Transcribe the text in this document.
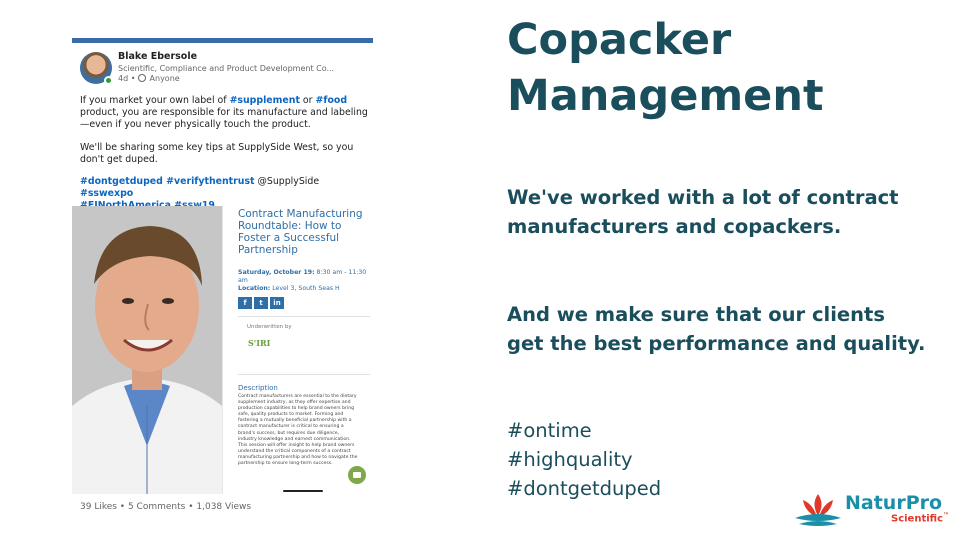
Blake Ebersole
Scientific, Compliance and Product Development Co...
4d •  Anyone

If you market your own label of #supplement or #food product, you are responsible for its manufacture and labeling—even if you never physically touch the product.

We'll be sharing some key tips at SupplySide West, so you don't get duped.

#dontgetduped #verifythentrust @SupplySide #sswexpo

Contract Manufacturing Roundtable: How to Foster a Successful Partnership
Saturday, October 19: 8:30 am - 11:30 am
Location: Level 3, South Seas H
f	t	in
Underwritten by
S'IRI
Description
Contract manufacturers are essential to the dietary supplement industry, as they offer expertise and production capabilities to help brand owners bring safe, quality products to market. Forming and fostering a mutually beneficial partnership with a contract manufacturer is critical to ensuring a brand's success, but requires due diligence, industry knowledge and earnest communication. This session will offer insight to help brand owners understand the critical components of a contract manufacturing partnership and how to navigate the partnership to ensure long-term success.
39 Likes • 5 Comments • 1,038 Views
Copacker
Management
We've worked with a lot of contract manufacturers and copackers.
And we make sure that our clients get the best performance and quality.
#ontime
#highquality
#dontgetduped
NaturPro
Scientific™
